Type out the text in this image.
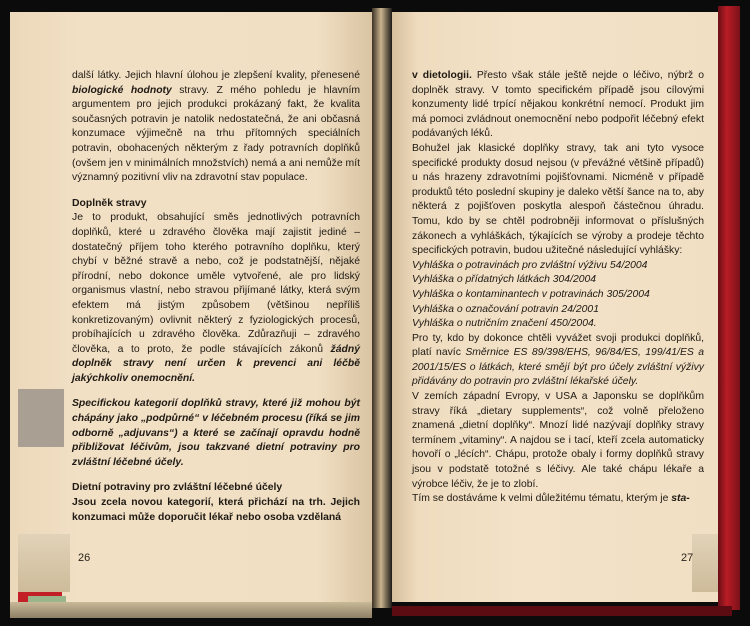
další látky. Jejich hlavní úlohou je zlepšení kvality, přenesené biologické hodnoty stravy. Z mého pohledu je hlavním argumentem pro jejich produkci prokázaný fakt, že kvalita současných potravin je natolik nedostatečná, že ani občasná konzumace výjimečně na trhu přítomných speciálních potravin, obohacených některým z řady potravních doplňků (ovšem jen v minimálních množstvích) nemá a ani nemůže mít významný pozitivní vliv na zdravotní stav populace.

Doplněk stravy

Je to produkt, obsahující směs jednotlivých potravních doplňků, které u zdravého člověka mají zajistit jediné – dostatečný příjem toho kterého potravního doplňku, který chybí v běžné stravě a nebo, což je podstatnější, nějaké přírodní, nebo dokonce uměle vytvořené, ale pro lidský organismus vlastní, nebo stravou přijímané látky, která svým efektem má jistým způsobem (většinou nepříliš konkretizovaným) ovlivnit některý z fyziologických procesů, probíhajících u zdravého člověka. Zdůrazňuji – zdravého člověka, a to proto, že podle stávajících zákonů žádný doplněk stravy není určen k prevenci ani léčbě jakýchkoliv onemocnění.

Specifickou kategorií doplňků stravy, které již mohou být chápány jako „podpůrné“ v léčebném procesu (říká se jim odborně „adjuvans“) a které se začínají opravdu hodně přibližovat léčivům, jsou takzvané dietní potraviny pro zvláštní léčebné účely.

Dietní potraviny pro zvláštní léčebné účely

Jsou zcela novou kategorií, která přichází na trh. Jejich konzumaci může doporučit lékař nebo osoba vzdělaná

26

v dietologii. Přesto však stále ještě nejde o léčivo, nýbrž o doplněk stravy. V tomto specifickém případě jsou cílovými konzumenty lidé trpící nějakou konkrétní nemocí. Produkt jim má pomoci zvládnout onemocnění nebo podpořit léčebný efekt podávaných léků.

Bohužel jak klasické doplňky stravy, tak ani tyto vysoce specifické produkty dosud nejsou (v převážné většině případů) u nás hrazeny zdravotními pojišťovnami. Nicméně v případě produktů této poslední skupiny je daleko větší šance na to, aby některá z pojišťoven poskytla alespoň částečnou úhradu. Tomu, kdo by se chtěl podrobněji informovat o příslušných zákonech a vyhláškách, týkajících se výroby a prodeje těchto specifických potravin, budou užitečné následující vyhlášky:

Vyhláška o potravinách pro zvláštní výživu 54/2004

Vyhláška o přídatných látkách 304/2004

Vyhláška o kontaminantech v potravinách 305/2004

Vyhláška o označování potravin 24/2001

Vyhláška o nutričním značení 450/2004.

Pro ty, kdo by dokonce chtěli vyvážet svoji produkci doplňků, platí navíc Směrnice ES 89/398/EHS, 96/84/ES, 199/41/ES a 2001/15/ES o látkách, které smějí být pro účely zvláštní výživy přidávány do potravin pro zvláštní lékařské účely.

V zemích západní Evropy, v USA a Japonsku se doplňkům stravy říká „dietary supplements“, což volně přeloženo znamená „dietní doplňky“. Mnozí lidé nazývají doplňky stravy termínem „vitaminy“. A najdou se i tací, kteří zcela automaticky hovoří o „lécích“. Chápu, protože obaly i formy doplňků stravy jsou v podstatě totožné s léčivy. Ale také chápu lékaře a výrobce léčiv, že je to zlobí.

Tím se dostáváme k velmi důležitému tématu, kterým je sta-

27
